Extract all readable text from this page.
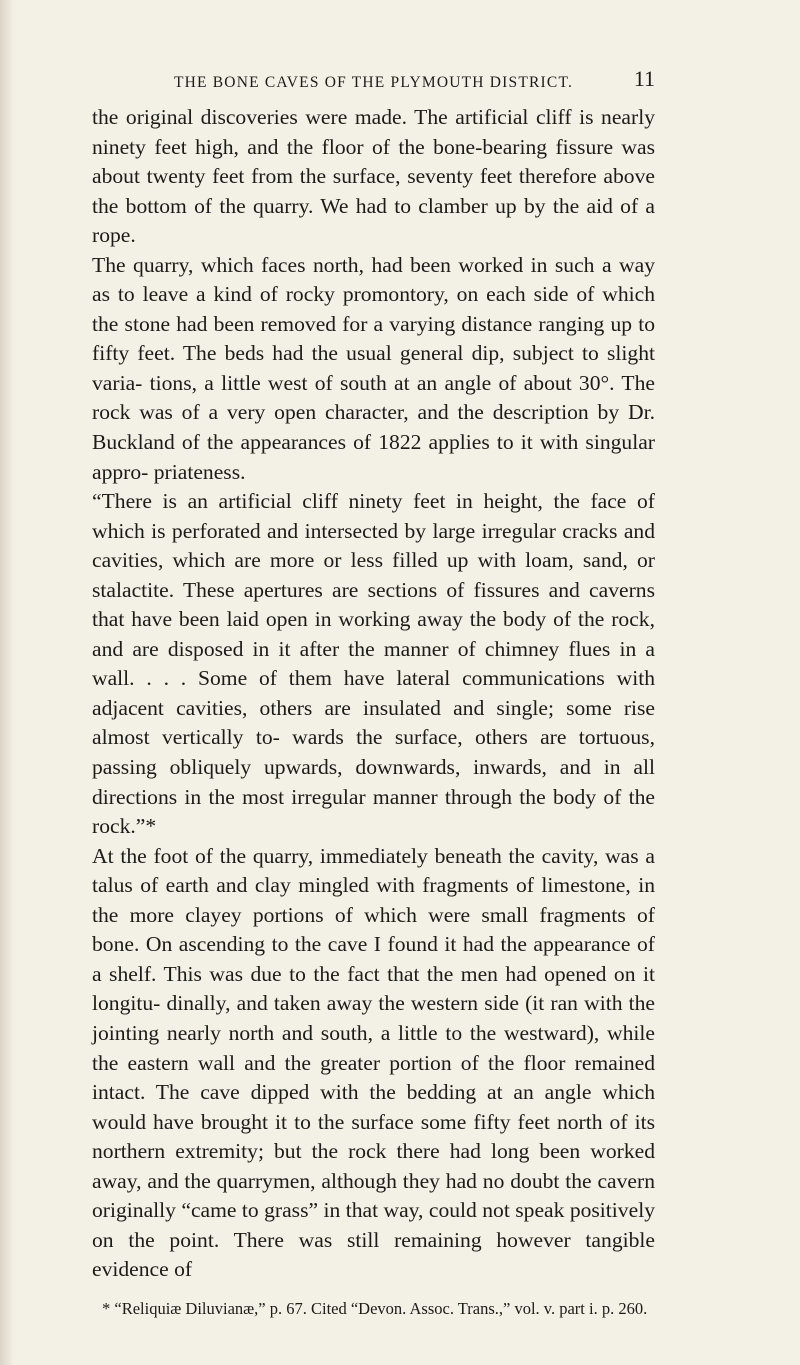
THE BONE CAVES OF THE PLYMOUTH DISTRICT.	11

the original discoveries were made. The artificial cliff is nearly ninety feet high, and the floor of the bone-bearing fissure was about twenty feet from the surface, seventy feet therefore above the bottom of the quarry. We had to clamber up by the aid of a rope.

The quarry, which faces north, had been worked in such a way as to leave a kind of rocky promontory, on each side of which the stone had been removed for a varying distance ranging up to fifty feet. The beds had the usual general dip, subject to slight varia- tions, a little west of south at an angle of about 30°. The rock was of a very open character, and the description by Dr. Buckland of the appearances of 1822 applies to it with singular appro- priateness.

“There is an artificial cliff ninety feet in height, the face of which is perforated and intersected by large irregular cracks and cavities, which are more or less filled up with loam, sand, or stalactite. These apertures are sections of fissures and caverns that have been laid open in working away the body of the rock, and are disposed in it after the manner of chimney flues in a wall. . . . Some of them have lateral communications with adjacent cavities, others are insulated and single; some rise almost vertically to- wards the surface, others are tortuous, passing obliquely upwards, downwards, inwards, and in all directions in the most irregular manner through the body of the rock.”*

At the foot of the quarry, immediately beneath the cavity, was a talus of earth and clay mingled with fragments of limestone, in the more clayey portions of which were small fragments of bone. On ascending to the cave I found it had the appearance of a shelf. This was due to the fact that the men had opened on it longitu- dinally, and taken away the western side (it ran with the jointing nearly north and south, a little to the westward), while the eastern wall and the greater portion of the floor remained intact. The cave dipped with the bedding at an angle which would have brought it to the surface some fifty feet north of its northern extremity; but the rock there had long been worked away, and the quarrymen, although they had no doubt the cavern originally “came to grass” in that way, could not speak positively on the point. There was still remaining however tangible evidence of

* “Reliquiæ Diluvianæ,” p. 67. Cited “Devon. Assoc. Trans.,” vol. v. part i. p. 260.
